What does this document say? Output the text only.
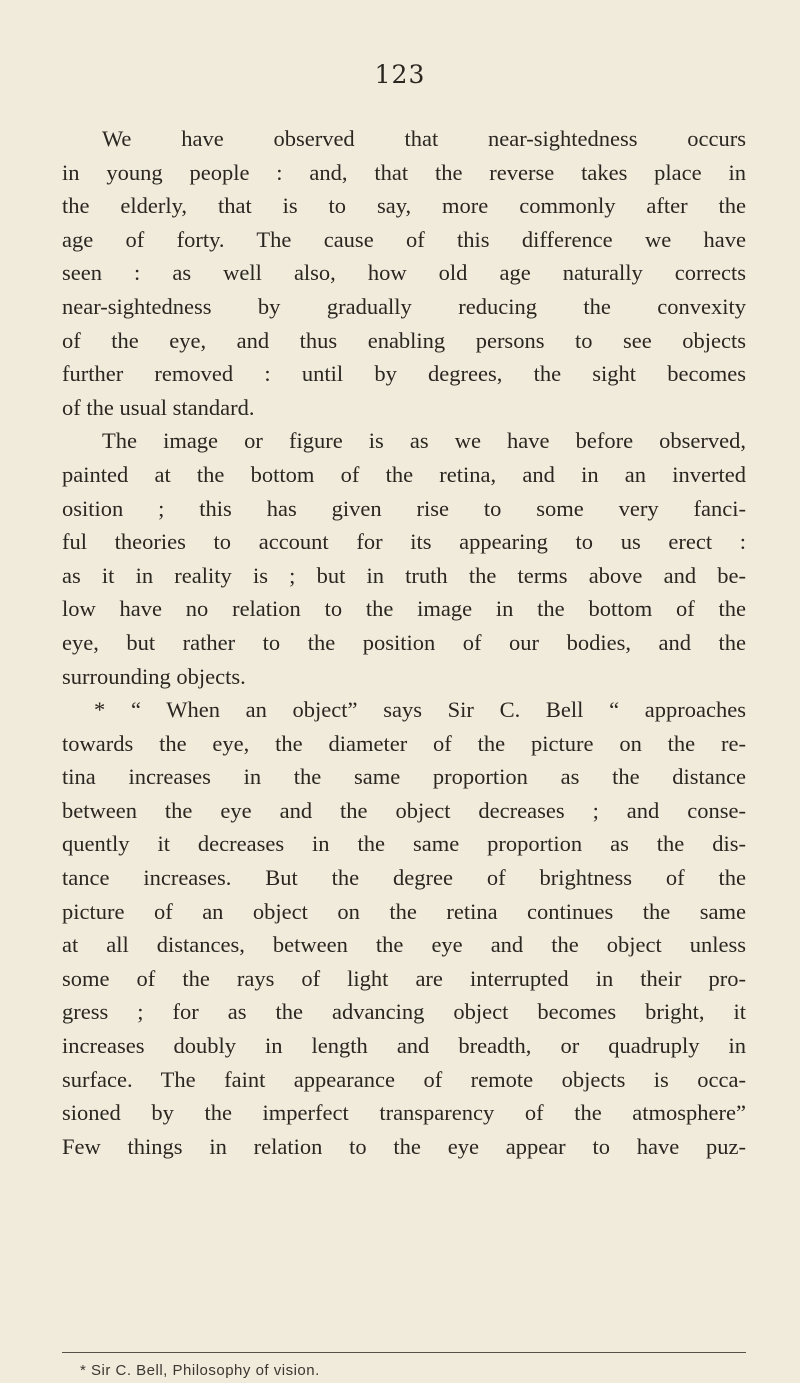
123
We have observed that near-sightedness occurs
in young people : and, that the reverse takes place in
the elderly, that is to say, more commonly after the
age of forty. The cause of this difference we have
seen : as well also, how old age naturally corrects
near-sightedness by gradually reducing the convexity
of the eye, and thus enabling persons to see objects
further removed : until by degrees, the sight becomes
of the usual standard.
The image or figure is as we have before observed,
painted at the bottom of the retina, and in an inverted
osition ; this has given rise to some very fanci-
ful theories to account for its appearing to us erect :
as it in reality is ; but in truth the terms above and be-
low have no relation to the image in the bottom of the
eye, but rather to the position of our bodies, and the
surrounding objects.
* “ When an object” says Sir C. Bell “ approaches
towards the eye, the diameter of the picture on the re-
tina increases in the same proportion as the distance
between the eye and the object decreases ; and conse-
quently it decreases in the same proportion as the dis-
tance increases. But the degree of brightness of the
picture of an object on the retina continues the same
at all distances, between the eye and the object unless
some of the rays of light are interrupted in their pro-
gress ; for as the advancing object becomes bright, it
increases doubly in length and breadth, or quadruply in
surface. The faint appearance of remote objects is occa-
sioned by the imperfect transparency of the atmosphere”
Few things in relation to the eye appear to have puz-
* Sir C. Bell, Philosophy of vision.
